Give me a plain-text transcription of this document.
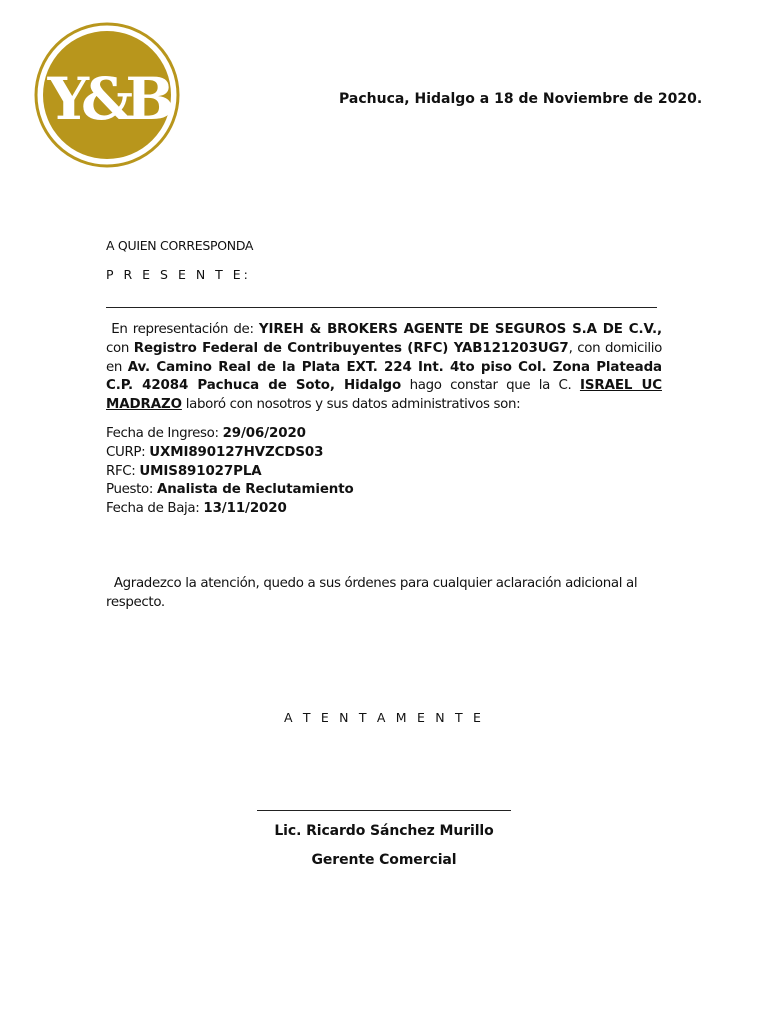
Y&B	Pachuca, Hidalgo a 18 de Noviembre de 2020.
A QUIEN CORRESPONDA
P R E S E N T E:
En representación de: YIREH & BROKERS AGENTE DE SEGUROS S.A DE C.V., con Registro Federal de Contribuyentes (RFC) YAB121203UG7, con domicilio en Av. Camino Real de la Plata EXT. 224 Int. 4to piso Col. Zona Plateada C.P. 42084 Pachuca de Soto, Hidalgo hago constar que la C. ISRAEL UC MADRAZO laboró con nosotros y sus datos administrativos son:
Fecha de Ingreso: 29/06/2020
CURP: UXMI890127HVZCDS03
RFC: UMIS891027PLA
Puesto: Analista de Reclutamiento
Fecha de Baja: 13/11/2020
Agradezco la atención, quedo a sus órdenes para cualquier aclaración adicional al respecto.
A T E N T A M E N T E
Lic. Ricardo Sánchez Murillo
Gerente Comercial
